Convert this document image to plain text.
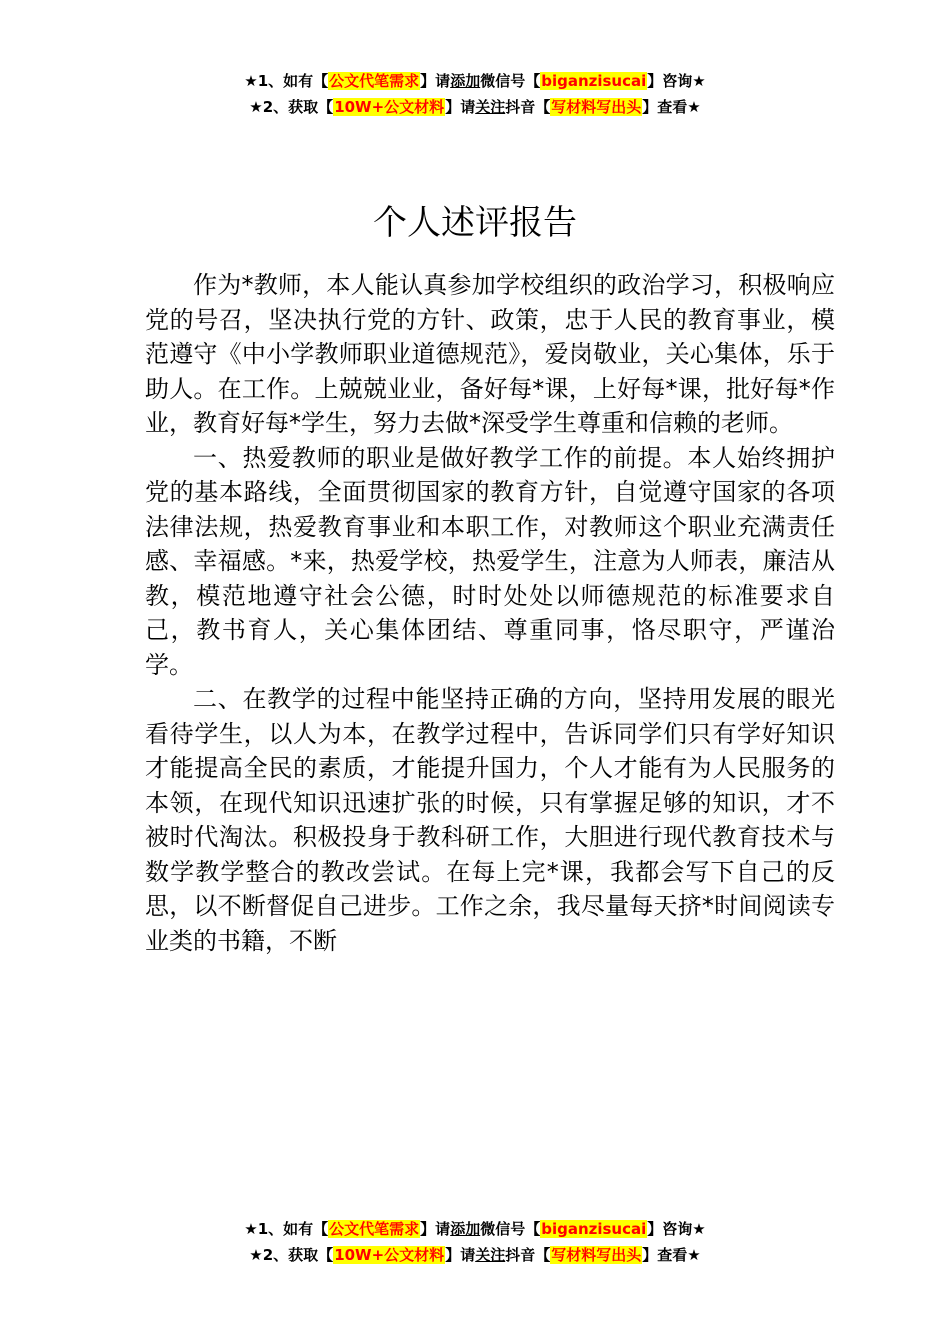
★1、如有【公文代笔需求】请添加微信号【biganzisucai】咨询★
★2、获取【10W+公文材料】请关注抖音【写材料写出头】查看★
个人述评报告

作为*教师，本人能认真参加学校组织的政治学习，积极响应党的号召，坚决执行党的方针、政策，忠于人民的教育事业，模范遵守《中小学教师职业道德规范》，爱岗敬业，关心集体，乐于助人。在工作。上兢兢业业，备好每*课，上好每*课，批好每*作业，教育好每*学生，努力去做*深受学生尊重和信赖的老师。

一、热爱教师的职业是做好教学工作的前提。本人始终拥护党的基本路线，全面贯彻国家的教育方针，自觉遵守国家的各项法律法规，热爱教育事业和本职工作，对教师这个职业充满责任感、幸福感。*来，热爱学校，热爱学生，注意为人师表，廉洁从教，模范地遵守社会公德，时时处处以师德规范的标准要求自己，教书育人，关心集体团结、尊重同事，恪尽职守，严谨治学。

二、在教学的过程中能坚持正确的方向，坚持用发展的眼光看待学生，以人为本，在教学过程中，告诉同学们只有学好知识才能提高全民的素质，才能提升国力，个人才能有为人民服务的本领，在现代知识迅速扩张的时候，只有掌握足够的知识，才不被时代淘汰。积极投身于教科研工作，大胆进行现代教育技术与数学教学整合的教改尝试。在每上完*课，我都会写下自己的反思，以不断督促自己进步。工作之余，我尽量每天挤*时间阅读专业类的书籍，不断

★1、如有【公文代笔需求】请添加微信号【biganzisucai】咨询★
★2、获取【10W+公文材料】请关注抖音【写材料写出头】查看★
